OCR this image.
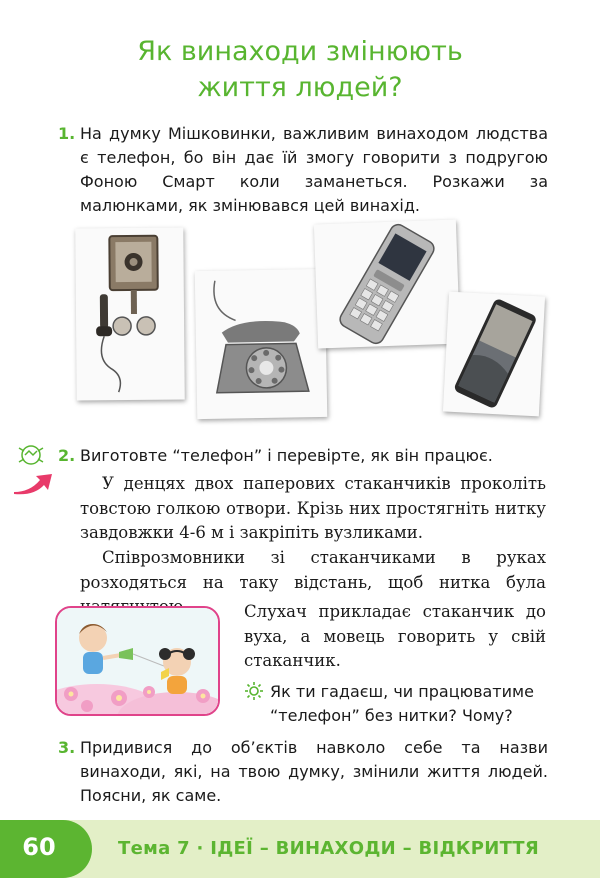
Як винаходи змінюють
життя людей?
1. На думку Мішковинки, важливим винаходом людства є телефон, бо він дає їй змогу говорити з подругою Фоною Смарт коли заманеться. Розкажи за малюнками, як змінювався цей винахід.
2. Виготовте “телефон” і перевірте, як він працює.
У денцях двох паперових стаканчиків проколіть товстою голкою отвори. Крізь них простягніть нитку завдовжки 4-6 м і закріпіть вузликами.
Співрозмовники зі стаканчиками в руках розходяться на таку відстань, щоб нитка була
Слухач прикладає стаканчик до вуха, а мовець говорить у свій стаканчик.
Як ти гадаєш, чи працюватиме “телефон” без нитки? Чому?
3. Придивися до об’єктів навколо себе та назви винаходи, які, на твою думку, змінили життя людей. Поясни, як саме.
60	Тема 7 · ІДЕЇ – ВИНАХОДИ – ВІДКРИТТЯ
